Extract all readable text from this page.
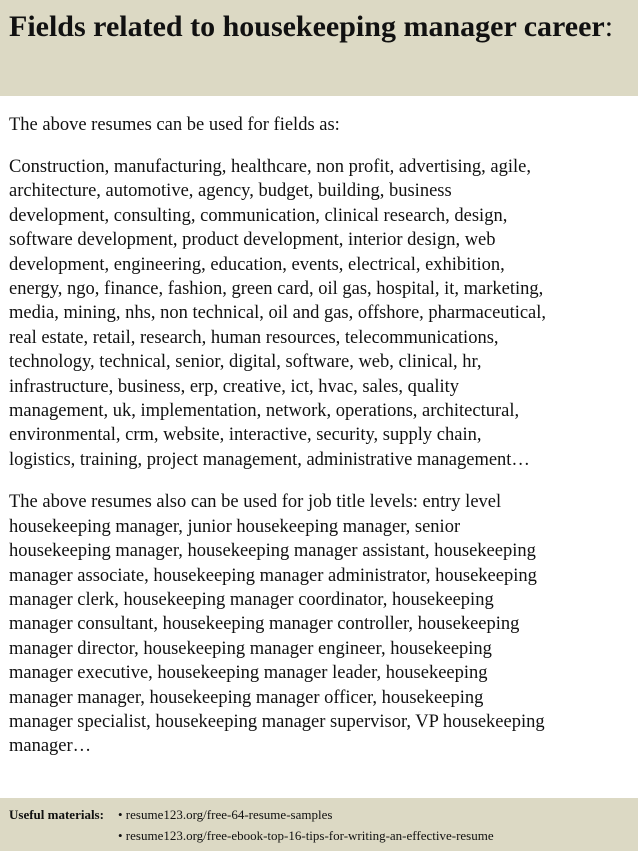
Fields related to housekeeping manager career:

The above resumes can be used for fields as:

Construction, manufacturing, healthcare, non profit, advertising, agile,
architecture, automotive, agency, budget, building, business
development, consulting, communication, clinical research, design,
software development, product development, interior design, web
development, engineering, education, events, electrical, exhibition,
energy, ngo, finance, fashion, green card, oil gas, hospital, it, marketing,
media, mining, nhs, non technical, oil and gas, offshore, pharmaceutical,
real estate, retail, research, human resources, telecommunications,
technology, technical, senior, digital, software, web, clinical, hr,
infrastructure, business, erp, creative, ict, hvac, sales, quality
management, uk, implementation, network, operations, architectural,
environmental, crm, website, interactive, security, supply chain,
logistics, training, project management, administrative management…
The above resumes also can be used for job title levels: entry level
housekeeping manager, junior housekeeping manager, senior
housekeeping manager, housekeeping manager assistant, housekeeping
manager associate, housekeeping manager administrator, housekeeping
manager clerk, housekeeping manager coordinator, housekeeping
manager consultant, housekeeping manager controller, housekeeping
manager director, housekeeping manager engineer, housekeeping
manager executive, housekeeping manager leader, housekeeping
manager manager, housekeeping manager officer, housekeeping
manager specialist, housekeeping manager supervisor, VP housekeeping
manager…
Useful materials:	• resume123.org/free-64-resume-samples
• resume123.org/free-ebook-top-16-tips-for-writing-an-effective-resume
